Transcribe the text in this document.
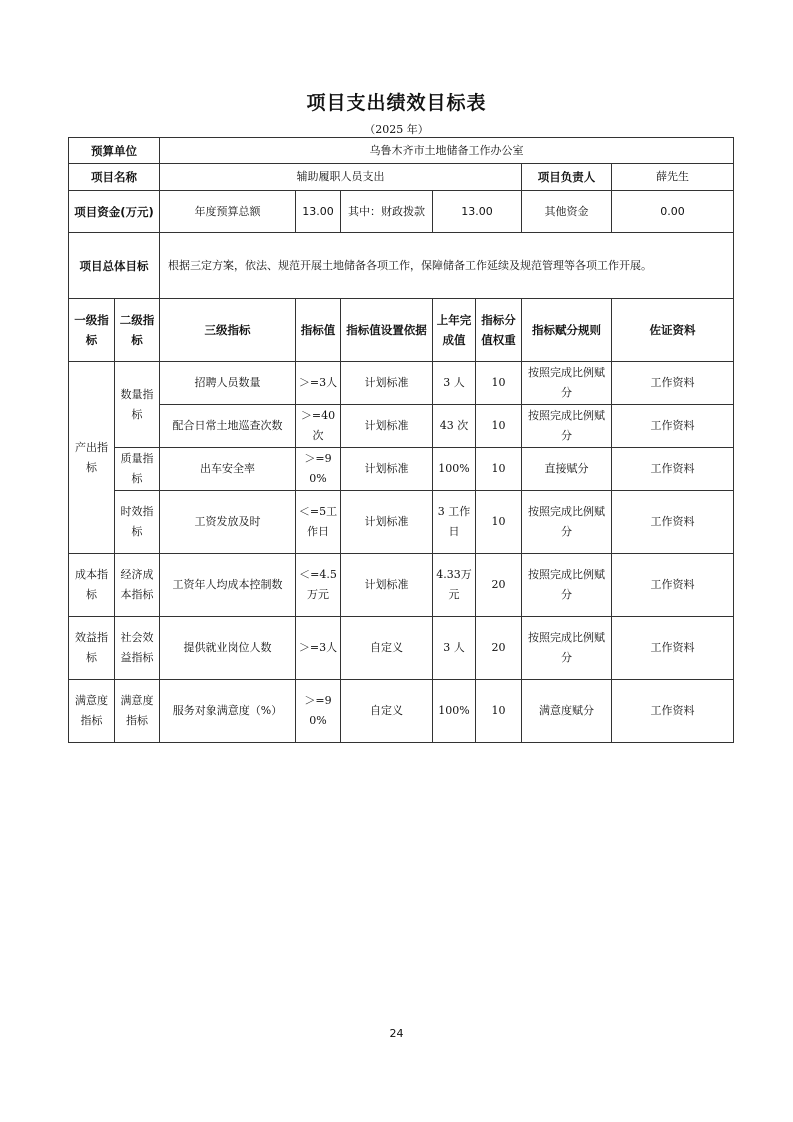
项目支出绩效目标表
（2025 年）
预算单位		乌鲁木齐市土地储备工作办公室						
项目名称		辅助履职人员支出					项目负责人	薛先生
项目资金(万元)		年度预算总额	13.00	其中：财政拨款	13.00		其他资金	0.00
项目总体目标		根据三定方案，依法、规范开展土地储备各项工作，保障储备工作延续及规范管理等各项工作开展。						
一级指标	二级指标	三级指标	指标值	指标值设置依据	上年完成值	指标分值权重	指标赋分规则	佐证资料
产出指标	数量指标	招聘人员数量	＞=3人	计划标准	3 人	10	按照完成比例赋分	工作资料
		配合日常土地巡查次数	＞=40次	计划标准	43 次	10	按照完成比例赋分	工作资料
	质量指标	出车安全率	＞=90%	计划标准	100%	10	直接赋分	工作资料
	时效指标	工资发放及时	＜=5工作日	计划标准	3 工作日	10	按照完成比例赋分	工作资料
成本指标	经济成本指标	工资年人均成本控制数	＜=4.5万元	计划标准	4.33万元	20	按照完成比例赋分	工作资料
效益指标	社会效益指标	提供就业岗位人数	＞=3人	自定义	3 人	20	按照完成比例赋分	工作资料
满意度指标	满意度指标	服务对象满意度（%）	＞=90%	自定义	100%	10	满意度赋分	工作资料
24
